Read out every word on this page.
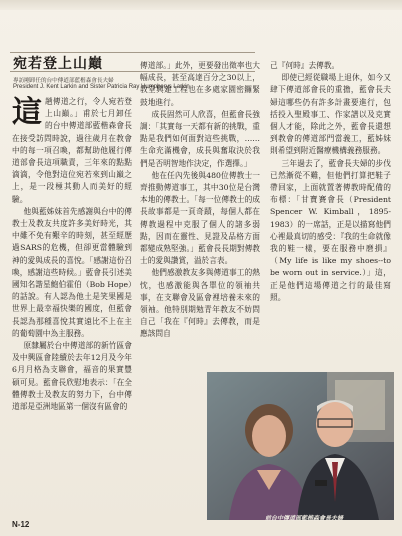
宛若登上山巔
專訪剛卸任的台中傳道部藍楷森會長夫婦
President J. Kent Larkin and Sister Patricia Ray Humpherys Larkin
這 趟傳道之行，令人宛若登上山巔。」甫於七月卸任的台中傳道部藍楷森會長在接受訪問時說，過往歲月在教會中的每一項召喚，都幫助他履行傳道部會長這項職責，三年來的點點滴滴，令他對這位宛若來到山巔之上，是一段極其動人而美好的經驗。

他與藍姊妹首先感謝與台中的傳教士及教友共度許多美好時光，其中雖不免有艱辛的時刻，甚至經歷過SARS的危機，但卻更當體驗到神的愛與成長的喜悅。「感謝這份召喚，感謝這些時候。」藍會長引述美國知名諧星鮑伯霍伯（Bob Hope）的話說。有人認為他土是笑果國是世界上最幸福快樂的國度，但藍會長認為那種喜悅其實遠比不上在主的葡萄園中為主服務。

原隸屬於台中傳道部的新竹區會及中興區會陸續於去年12月及今年6月月格為支聯會，福音的果實豐碩可見。藍會長欣慰地表示：「在全體傳教士及教友的努力下，台中傳道部是亞洲地區第一個沒有區會的

傳道部。」此外，更要發出徵率也大幅成長，甚至高達百分之30以上，教堂興建工程也在多處家園密鑼緊鼓地進行。

成長固然可人欣喜，但藍會長強調：「其實每一天都有新的挑戰，重點是我們如何面對這些挑戰，……生命充滿機會，成長與奮取決於我們是否明智地作決定，作選擇。」

他在任內先後與480位傳教士一齊推動傳道事工，其中30位是台灣本地的傳教士。「每一位傳教士的成長故事都是一頁奇蹟，每個人都在傳教過程中克服了個人的諸多弱點，因而在靈性、見證及品格方面都變成熟堅強。」藍會長長期對傳教士的愛與讚賞，溢於言表。

他們感激教友多與傳道事工的熱忱，也感激能與各單位的領袖共事，在支聯會及區會裡培養未來的領袖。他特別期勉青年教友不妨問自己「我在『何時』去傳教，而是應該問自

己『何時』去傳教。

即使已經從職場上退休，如今又肆下傳道部會長的重擔，藍會長夫婦這哪些仍有許多計畫要進行，包括投入聖殿事工、作家譜以及克實個人才能，除此之外，藍會長還想到教會的傳道部門當義工，藍姊妹則希望到附近醫療機構義務服務。

三年過去了，藍會長夫婦的步伐已然漸從不難，但他們打算把鞋子帶回家，上面就置著傳教時配備的布標：「甘寶賽會長（President Spencer W. Kimball，1895-1983）的一席話，正是以描寫他們心裡最真切的感受：『我的生命就像我的鞋一樣，要在服務中磨損』（My life is like my shoes--to be worn out in service.）」這，正是他們這場傳道之行的最佳寫照。

前台中傳道部藍楷森會長夫婦
N-12
